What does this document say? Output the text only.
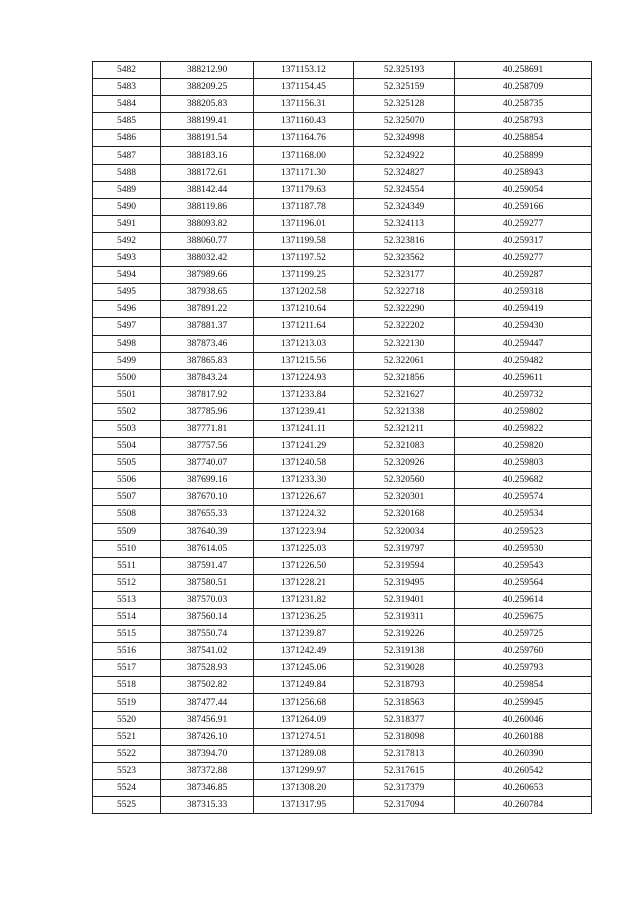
5482	388212.90	1371153.12	52.325193	40.258691
5483	388209.25	1371154.45	52.325159	40.258709
5484	388205.83	1371156.31	52.325128	40.258735
5485	388199.41	1371160.43	52.325070	40.258793
5486	388191.54	1371164.76	52.324998	40.258854
5487	388183.16	1371168.00	52.324922	40.258899
5488	388172.61	1371171.30	52.324827	40.258943
5489	388142.44	1371179.63	52.324554	40.259054
5490	388119.86	1371187.78	52.324349	40.259166
5491	388093.82	1371196.01	52.324113	40.259277
5492	388060.77	1371199.58	52.323816	40.259317
5493	388032.42	1371197.52	52.323562	40.259277
5494	387989.66	1371199.25	52.323177	40.259287
5495	387938.65	1371202.58	52.322718	40.259318
5496	387891.22	1371210.64	52.322290	40.259419
5497	387881.37	1371211.64	52.322202	40.259430
5498	387873.46	1371213.03	52.322130	40.259447
5499	387865.83	1371215.56	52.322061	40.259482
5500	387843.24	1371224.93	52.321856	40.259611
5501	387817.92	1371233.84	52.321627	40.259732
5502	387785.96	1371239.41	52.321338	40.259802
5503	387771.81	1371241.11	52.321211	40.259822
5504	387757.56	1371241.29	52.321083	40.259820
5505	387740.07	1371240.58	52.320926	40.259803
5506	387699.16	1371233.30	52.320560	40.259682
5507	387670.10	1371226.67	52.320301	40.259574
5508	387655.33	1371224.32	52.320168	40.259534
5509	387640.39	1371223.94	52.320034	40.259523
5510	387614.05	1371225.03	52.319797	40.259530
5511	387591.47	1371226.50	52.319594	40.259543
5512	387580.51	1371228.21	52.319495	40.259564
5513	387570.03	1371231.82	52.319401	40.259614
5514	387560.14	1371236.25	52.319311	40.259675
5515	387550.74	1371239.87	52.319226	40.259725
5516	387541.02	1371242.49	52.319138	40.259760
5517	387528.93	1371245.06	52.319028	40.259793
5518	387502.82	1371249.84	52.318793	40.259854
5519	387477.44	1371256.68	52.318563	40.259945
5520	387456.91	1371264.09	52.318377	40.260046
5521	387426.10	1371274.51	52.318098	40.260188
5522	387394.70	1371289.08	52.317813	40.260390
5523	387372.88	1371299.97	52.317615	40.260542
5524	387346.85	1371308.20	52.317379	40.260653
5525	387315.33	1371317.95	52.317094	40.260784
